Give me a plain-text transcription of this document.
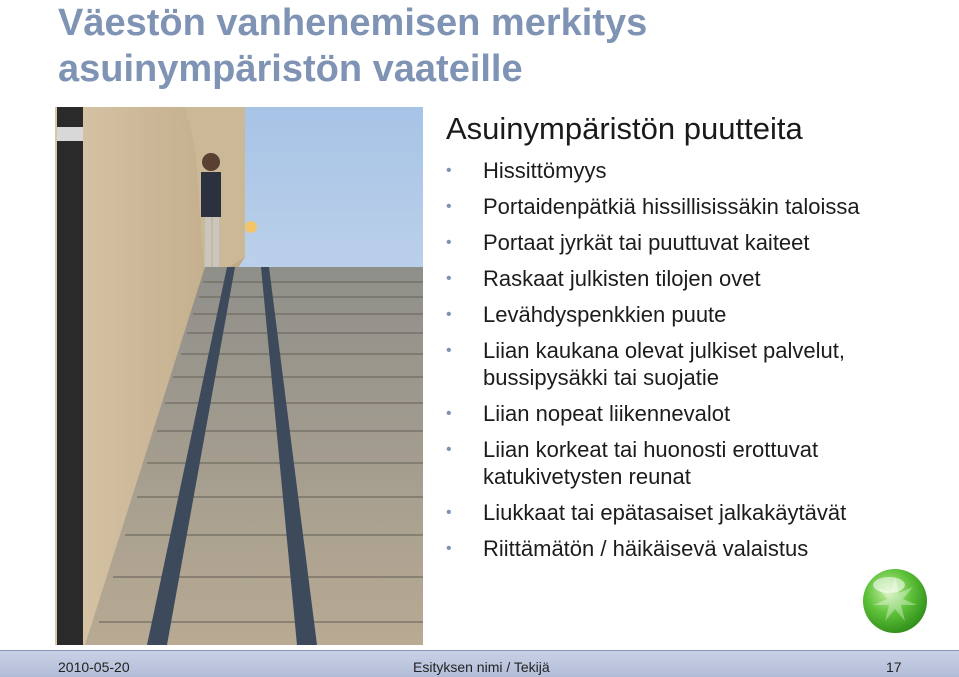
Väestön vanhenemisen merkitys asuinympäristön vaateille
Asuinympäristön puutteita
• Hissittömyys
• Portaidenpätkiä hissillisissäkin taloissa
• Portaat jyrkät tai puuttuvat kaiteet
• Raskaat julkisten tilojen ovet
• Levähdyspenkkien puute
• Liian kaukana olevat julkiset palvelut, bussipysäkki tai suojatie
• Liian nopeat liikennevalot
• Liian korkeat tai huonosti erottuvat katukivetysten reunat
• Liukkaat tai epätasaiset jalkakäytävät
• Riittämätön / häikäisevä valaistus
2010-05-20	Esityksen nimi / Tekijä	17
